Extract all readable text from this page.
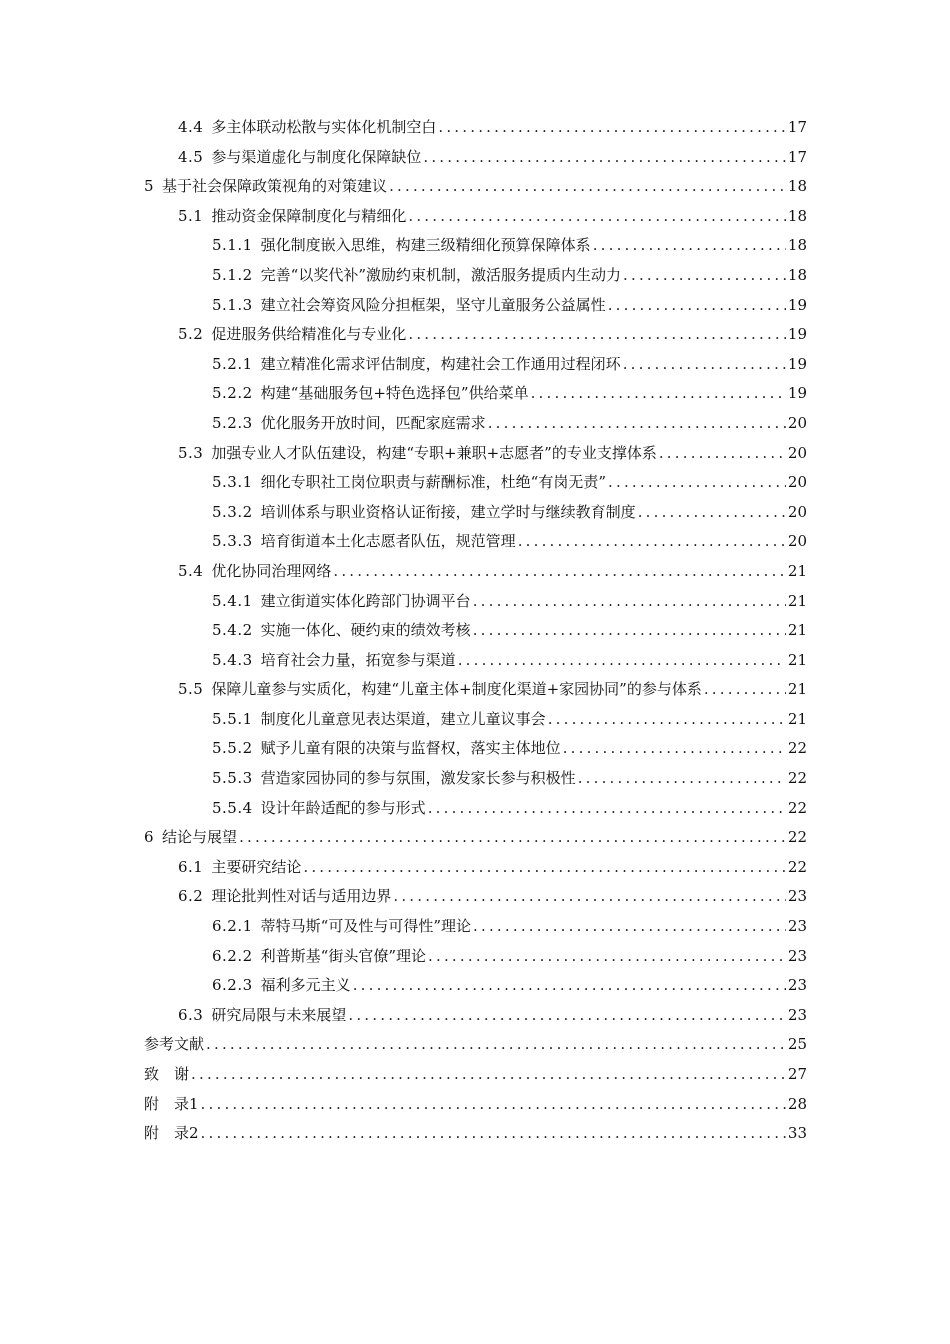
4.4 多主体联动松散与实体化机制空白 .....	17
4.5 参与渠道虚化与制度化保障缺位 .....	17
5 基于社会保障政策视角的对策建议 .....	18
5.1 推动资金保障制度化与精细化 .....	18
5.1.1 强化制度嵌入思维，构建三级精细化预算保障体系 .....	18
5.1.2 完善“以奖代补”激励约束机制，激活服务提质内生动力 .....	18
5.1.3 建立社会筹资风险分担框架，坚守儿童服务公益属性 .....	19
5.2 促进服务供给精准化与专业化 .....	19
5.2.1 建立精准化需求评估制度，构建社会工作通用过程闭环 .....	19
5.2.2 构建“基础服务包+特色选择包”供给菜单 .....	19
5.2.3 优化服务开放时间，匹配家庭需求 .....	20
5.3 加强专业人才队伍建设，构建“专职+兼职+志愿者”的专业支撑体系 .....	20
5.3.1 细化专职社工岗位职责与薪酬标准，杜绝“有岗无责” .....	20
5.3.2 培训体系与职业资格认证衔接，建立学时与继续教育制度 .....	20
5.3.3 培育街道本土化志愿者队伍，规范管理 .....	20
5.4 优化协同治理网络 .....	21
5.4.1 建立街道实体化跨部门协调平台 .....	21
5.4.2 实施一体化、硬约束的绩效考核 .....	21
5.4.3 培育社会力量，拓宽参与渠道 .....	21
5.5 保障儿童参与实质化，构建“儿童主体+制度化渠道+家园协同”的参与体系 .....	21
5.5.1 制度化儿童意见表达渠道，建立儿童议事会 .....	21
5.5.2 赋予儿童有限的决策与监督权，落实主体地位 .....	22
5.5.3 营造家园协同的参与氛围，激发家长参与积极性 .....	22
5.5.4 设计年龄适配的参与形式 .....	22
6 结论与展望 .....	22
6.1 主要研究结论 .....	22
6.2 理论批判性对话与适用边界 .....	23
6.2.1 蒂特马斯“可及性与可得性”理论 .....	23
6.2.2 利普斯基“街头官僚”理论 .....	23
6.2.3 福利多元主义 .....	23
6.3 研究局限与未来展望 .....	23
参考文献 .....	25
致　谢 .....	27
附　录1 .....	28
附　录2 .....	33
